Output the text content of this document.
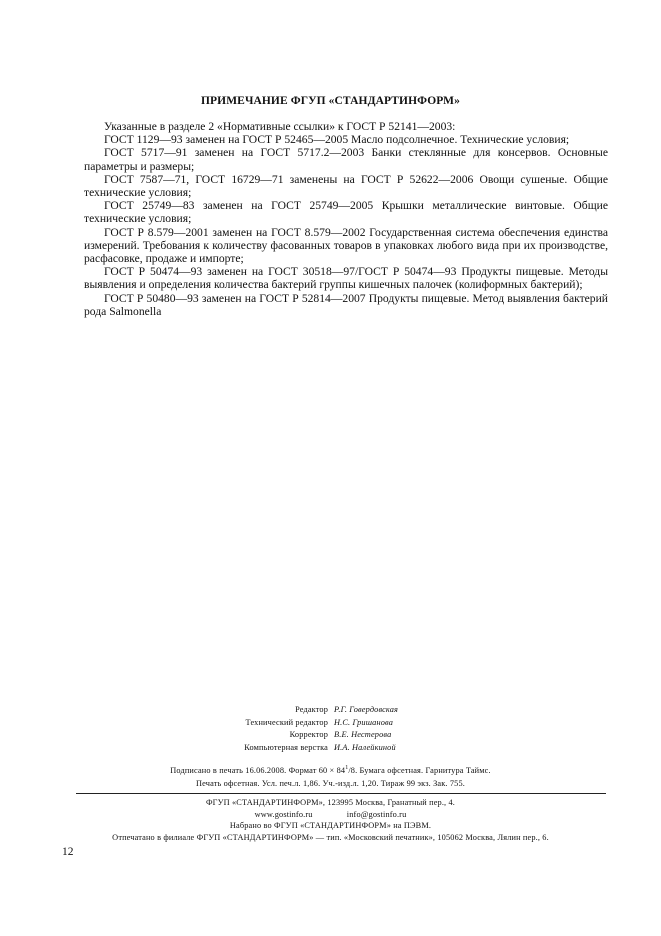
ПРИМЕЧАНИЕ ФГУП «СТАНДАРТИНФОРМ»

Указанные в разделе 2 «Нормативные ссылки» к ГОСТ Р 52141—2003:

ГОСТ 1129—93 заменен на ГОСТ Р 52465—2005 Масло подсолнечное. Технические условия;

ГОСТ 5717—91 заменен на ГОСТ 5717.2—2003 Банки стеклянные для консервов. Основные параметры и размеры;

ГОСТ 7587—71, ГОСТ 16729—71 заменены на ГОСТ Р 52622—2006 Овощи сушеные. Общие технические условия;

ГОСТ 25749—83 заменен на ГОСТ 25749—2005 Крышки металлические винтовые. Общие технические условия;

ГОСТ Р 8.579—2001 заменен на ГОСТ 8.579—2002 Государственная система обеспечения единства измерений. Требования к количеству фасованных товаров в упаковках любого вида при их производстве, расфасовке, продаже и импорте;

ГОСТ Р 50474—93 заменен на ГОСТ 30518—97/ГОСТ Р 50474—93 Продукты пищевые. Методы выявления и определения количества бактерий группы кишечных палочек (колиформных бактерий);

ГОСТ Р 50480—93 заменен на ГОСТ Р 52814—2007 Продукты пищевые. Метод выявления бактерий рода Salmonella

Редактор Р.Г. Говердовская
Технический редактор Н.С. Гришанова
Корректор В.Е. Нестерова
Компьютерная верстка И.А. Налейкиной
Подписано в печать 16.06.2008. Формат $60 \times 84^1/8$. Бумага офсетная. Гарнитура Таймс.
Печать офсетная. Усл. печ.л. 1,86. Уч.-изд.л. 1,20. Тираж 99 экз. Зак. 755.
ФГУП «СТАНДАРТИНФОРМ», 123995 Москва, Гранатный пер., 4.
www.gostinfo.ru	info@gostinfo.ru
Набрано во ФГУП «СТАНДАРТИНФОРМ» на ПЭВМ.
Отпечатано в филиале ФГУП «СТАНДАРТИНФОРМ» — тип. «Московский печатник», 105062 Москва, Лялин пер., 6.
12
